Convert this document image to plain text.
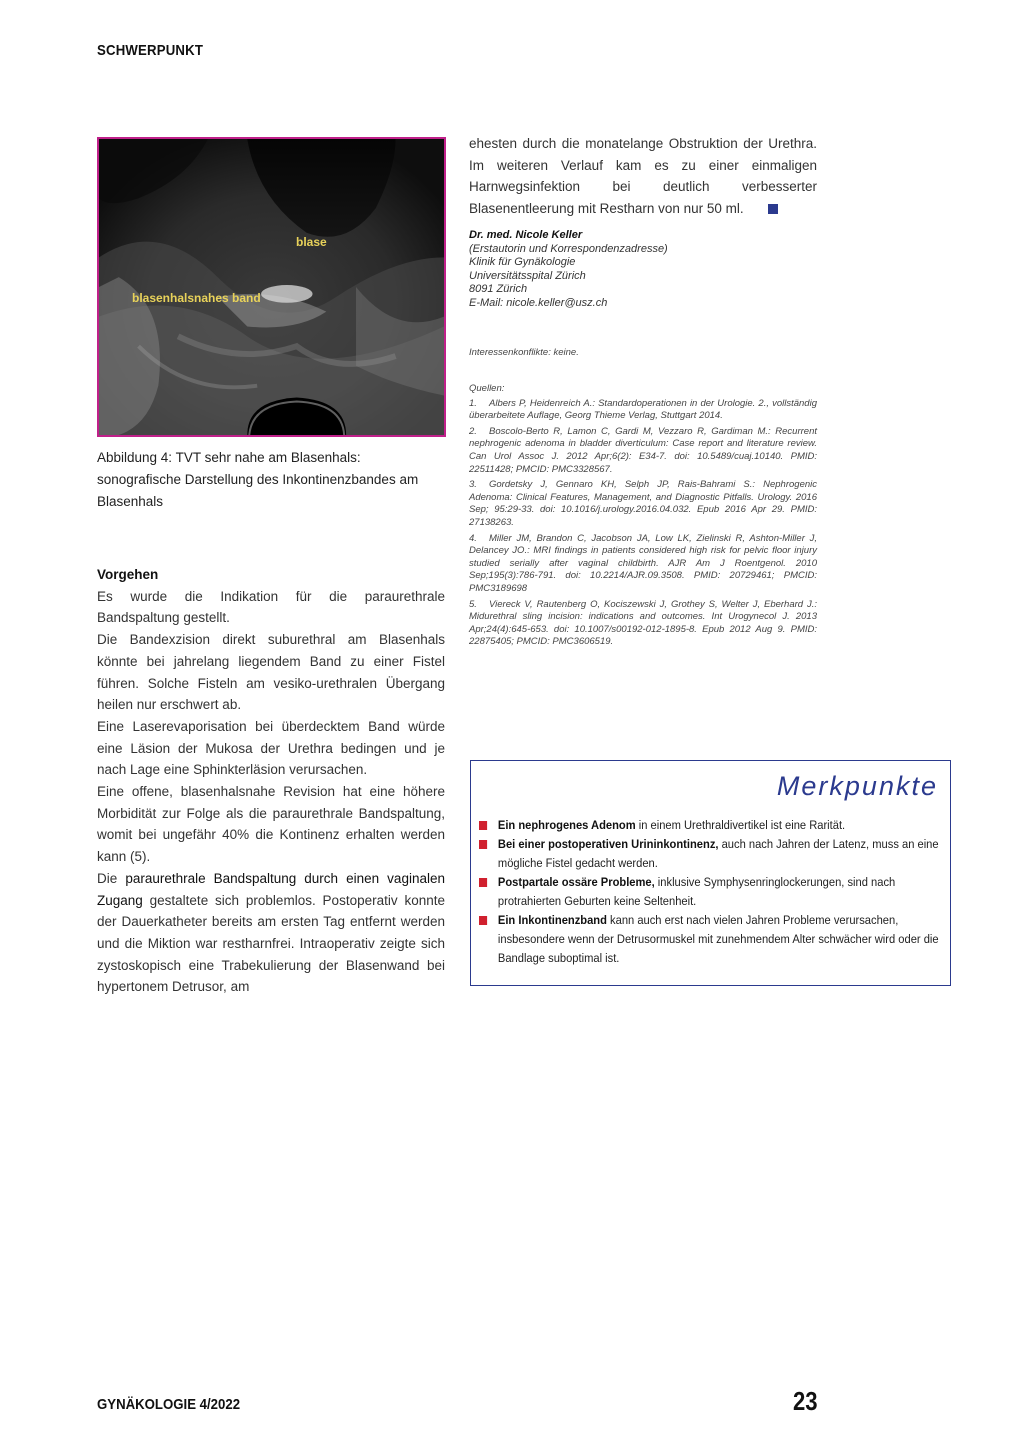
SCHWERPUNKT
blase
blasenhalsnahes band
Abbildung 4: TVT sehr nahe am Blasenhals: sonografische Darstellung des Inkontinenzbandes am Blasenhals
Vorgehen

Es wurde die Indikation für die paraurethrale Bandspaltung gestellt.

Die Bandexzision direkt suburethral am Blasenhals könnte bei jahrelang liegendem Band zu einer Fistel führen. Solche Fisteln am vesiko-urethralen Übergang heilen nur erschwert ab.

Eine Laserevaporisation bei überdecktem Band würde eine Läsion der Mukosa der Urethra bedingen und je nach Lage eine Sphinkterläsion verursachen.

Eine offene, blasenhalsnahe Revision hat eine höhere Morbidität zur Folge als die paraurethrale Bandspaltung, womit bei ungefähr 40% die Kontinenz erhalten werden kann (5).

Die paraurethrale Bandspaltung durch einen vaginalen Zugang gestaltete sich problemlos. Postoperativ konnte der Dauerkatheter bereits am ersten Tag entfernt werden und die Miktion war restharnfrei. Intraoperativ zeigte sich zystoskopisch eine Trabekulierung der Blasenwand bei hypertonem Detrusor, am

ehesten durch die monatelange Obstruktion der Urethra. Im weiteren Verlauf kam es zu einer einmaligen Harnwegsinfektion bei deutlich verbesserter Blasenentleerung mit Restharn von nur 50 ml.
Dr. med. Nicole Keller
(Erstautorin und Korrespondenzadresse)
Klinik für Gynäkologie
Universitätsspital Zürich
8091 Zürich
E-Mail: nicole.keller@usz.ch
Interessenkonflikte: keine.
Quellen:
1. Albers P, Heidenreich A.: Standardoperationen in der Urologie. 2., vollständig überarbeitete Auflage, Georg Thieme Verlag, Stuttgart 2014.
2. Boscolo-Berto R, Lamon C, Gardi M, Vezzaro R, Gardiman M.: Recurrent nephrogenic adenoma in bladder diverticulum: Case report and literature review. Can Urol Assoc J. 2012 Apr;6(2): E34-7. doi: 10.5489/cuaj.10140. PMID: 22511428; PMCID: PMC3328567.
3. Gordetsky J, Gennaro KH, Selph JP, Rais-Bahrami S.: Nephrogenic Adenoma: Clinical Features, Management, and Diagnostic Pitfalls. Urology. 2016 Sep; 95:29-33. doi: 10.1016/j.urology.2016.04.032. Epub 2016 Apr 29. PMID: 27138263.
4. Miller JM, Brandon C, Jacobson JA, Low LK, Zielinski R, Ashton-Miller J, Delancey JO.: MRI findings in patients considered high risk for pelvic floor injury studied serially after vaginal childbirth. AJR Am J Roentgenol. 2010 Sep;195(3):786-791. doi: 10.2214/AJR.09.3508. PMID: 20729461; PMCID: PMC3189698
5. Viereck V, Rautenberg O, Kociszewski J, Grothey S, Welter J, Eberhard J.: Midurethral sling incision: indications and outcomes. Int Urogynecol J. 2013 Apr;24(4):645-653. doi: 10.1007/s00192-012-1895-8. Epub 2012 Aug 9. PMID: 22875405; PMCID: PMC3606519.
Merkpunkte
Ein nephrogenes Adenom in einem Urethraldivertikel ist eine Rarität.
Bei einer postoperativen Urininkontinenz, auch nach Jahren der Latenz, muss an eine mögliche Fistel gedacht werden.
Postpartale ossäre Probleme, inklusive Symphysenringlockerungen, sind nach protrahierten Geburten keine Seltenheit.
Ein Inkontinenzband kann auch erst nach vielen Jahren Probleme verursachen, insbesondere wenn der Detrusormuskel mit zunehmendem Alter schwächer wird oder die Bandlage suboptimal ist.
GYNÄKOLOGIE 4/2022	23
